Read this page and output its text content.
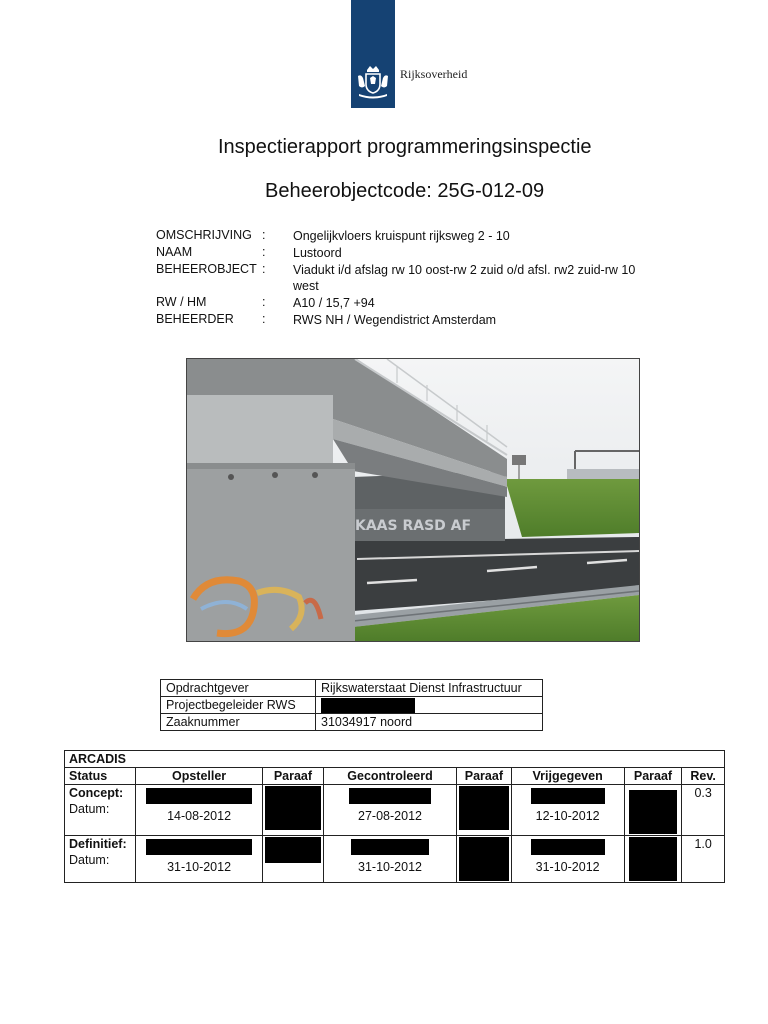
Rijksoverheid
Inspectierapport programmeringsinspectie
Beheerobjectcode: 25G-012-09
OMSCHRIJVING : Ongelijkvloers kruispunt rijksweg 2 - 10
NAAM	: Lustoord
BEHEEROBJECT : Viadukt i/d afslag rw 10 oost-rw 2 zuid o/d afsl. rw2 zuid-rw 10 west
RW / HM	: A10 / 15,7 +94
BEHEERDER	: RWS NH / Wegendistrict Amsterdam
KAAS RASD AF
Opdrachtgever	Rijkswaterstaat Dienst Infrastructuur
Projectbegeleider RWS	

Zaaknummer	31034917 noord
ARCADIS							
Status	Opsteller	Paraaf	Gecontroleerd	Paraaf	Vrijgegeven	Paraaf	Rev.

Concept:
Datum:	14-08-2012		27-08-2012		12-10-2012		0.3

Definitief:
Datum:	31-10-2012		31-10-2012		31-10-2012		1.0
